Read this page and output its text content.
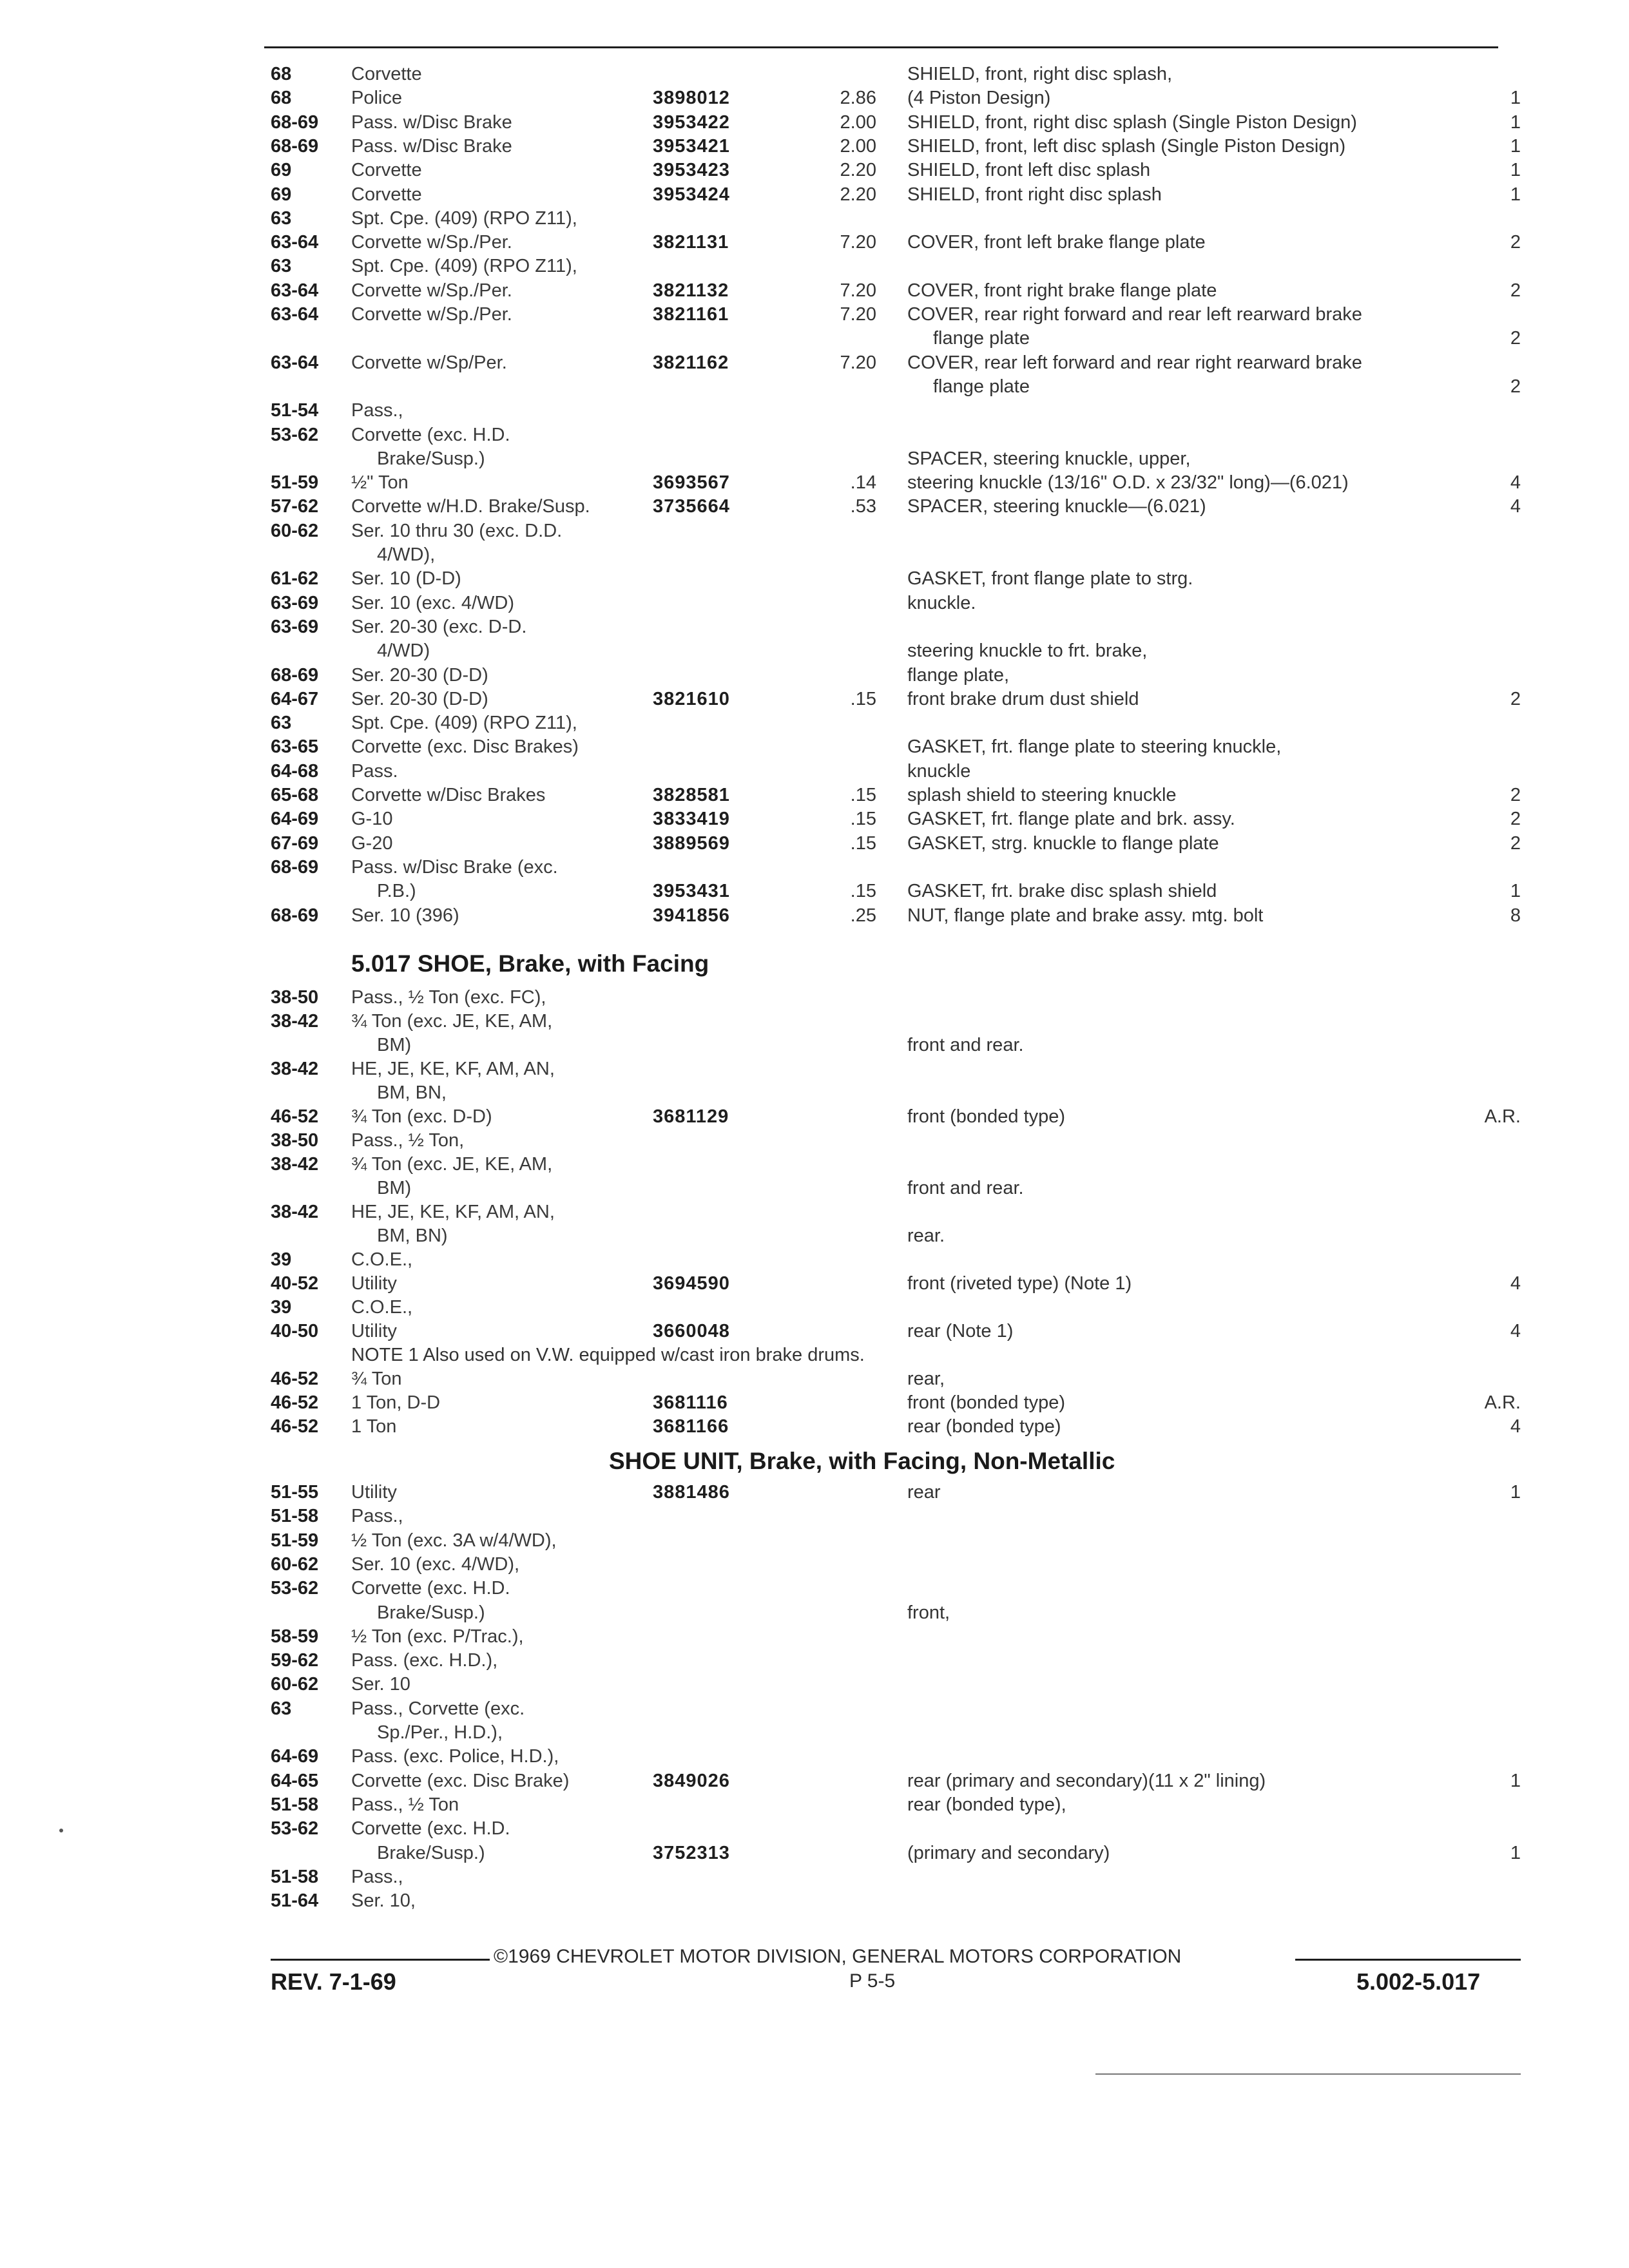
68	Corvette	SHIELD, front, right disc splash,
68	Police	3898012	2.86 (4 Piston Design)	1
68-69 Pass. w/Disc Brake	3953422	2.00 SHIELD, front, right disc splash (Single Piston Design)	1
68-69 Pass. w/Disc Brake	3953421	2.00 SHIELD, front, left disc splash (Single Piston Design)	1
69	Corvette	3953423	2.20 SHIELD, front left disc splash	1
69	Corvette	3953424	2.20 SHIELD, front right disc splash	1
63	Spt. Cpe. (409) (RPO Z11),
63-64 Corvette w/Sp./Per.	3821131	7.20 COVER, front left brake flange plate	2
63	Spt. Cpe. (409) (RPO Z11),
63-64 Corvette w/Sp./Per.	3821132	7.20 COVER, front right brake flange plate	2
63-64 Corvette w/Sp./Per.	3821161	7.20 COVER, rear right forward and rear left rearward brake
flange plate	2
63-64 Corvette w/Sp/Per.	3821162	7.20 COVER, rear left forward and rear right rearward brake
flange plate	2
51-54 Pass.,
53-62 Corvette (exc. H.D.
Brake/Susp.)	SPACER, steering knuckle, upper,
51-59 ½" Ton	3693567	.14 steering knuckle (13/16" O.D. x 23/32" long)—(6.021)	4
57-62 Corvette w/H.D. Brake/Susp.	3735664	.53 SPACER, steering knuckle—(6.021)	4
60-62 Ser. 10 thru 30 (exc. D.D.
4/WD),
61-62 Ser. 10 (D-D)	GASKET, front flange plate to strg.
63-69 Ser. 10 (exc. 4/WD)	knuckle.
63-69 Ser. 20-30 (exc. D-D.
4/WD)	steering knuckle to frt. brake,
68-69 Ser. 20-30 (D-D)	flange plate,
64-67 Ser. 20-30 (D-D)	3821610	.15 front brake drum dust shield	2
63	Spt. Cpe. (409) (RPO Z11),
63-65 Corvette (exc. Disc Brakes)	GASKET, frt. flange plate to steering knuckle,
64-68 Pass.	knuckle
65-68 Corvette w/Disc Brakes	3828581	.15 splash shield to steering knuckle	2
64-69 G-10	3833419	.15 GASKET, frt. flange plate and brk. assy.	2
67-69 G-20	3889569	.15 GASKET, strg. knuckle to flange plate	2
68-69 Pass. w/Disc Brake (exc.
P.B.)	3953431	.15 GASKET, frt. brake disc splash shield	1
68-69 Ser. 10 (396)	3941856	.25 NUT, flange plate and brake assy. mtg. bolt	8
5.017 SHOE, Brake, with Facing
38-50 Pass., ½ Ton (exc. FC),
38-42 ¾ Ton (exc. JE, KE, AM,
BM)	front and rear.
38-42 HE, JE, KE, KF, AM, AN,
BM, BN,
46-52 ¾ Ton (exc. D-D)	3681129	front (bonded type)	A.R.
38-50 Pass., ½ Ton,
38-42 ¾ Ton (exc. JE, KE, AM,
BM)	front and rear.
38-42 HE, JE, KE, KF, AM, AN,
BM, BN)	rear.
39	C.O.E.,
40-52 Utility	3694590	front (riveted type) (Note 1)	4
39	C.O.E.,
40-50 Utility	3660048	rear (Note 1)	4
NOTE 1 Also used on V.W. equipped w/cast iron brake drums.
46-52 ¾ Ton	rear,
46-52 1 Ton, D-D	3681116	front (bonded type)	A.R.
46-52 1 Ton	3681166	rear (bonded type)	4
SHOE UNIT, Brake, with Facing, Non-Metallic
51-55 Utility	3881486	rear	1
51-58 Pass.,
51-59 ½ Ton (exc. 3A w/4/WD),
60-62 Ser. 10 (exc. 4/WD),
53-62 Corvette (exc. H.D.
Brake/Susp.)	front,
58-59 ½ Ton (exc. P/Trac.),
59-62 Pass. (exc. H.D.),
60-62 Ser. 10
63	Pass., Corvette (exc.
Sp./Per., H.D.),
64-69 Pass. (exc. Police, H.D.),
64-65 Corvette (exc. Disc Brake)	3849026	rear (primary and secondary)(11 x 2" lining)	1
51-58 Pass., ½ Ton	rear (bonded type),
53-62 Corvette (exc. H.D.
Brake/Susp.)	3752313	(primary and secondary)	1
51-58 Pass.,
51-64 Ser. 10,
©1969 CHEVROLET MOTOR DIVISION, GENERAL MOTORS CORPORATION
REV. 7-1-69	P 5-5	5.002-5.017
